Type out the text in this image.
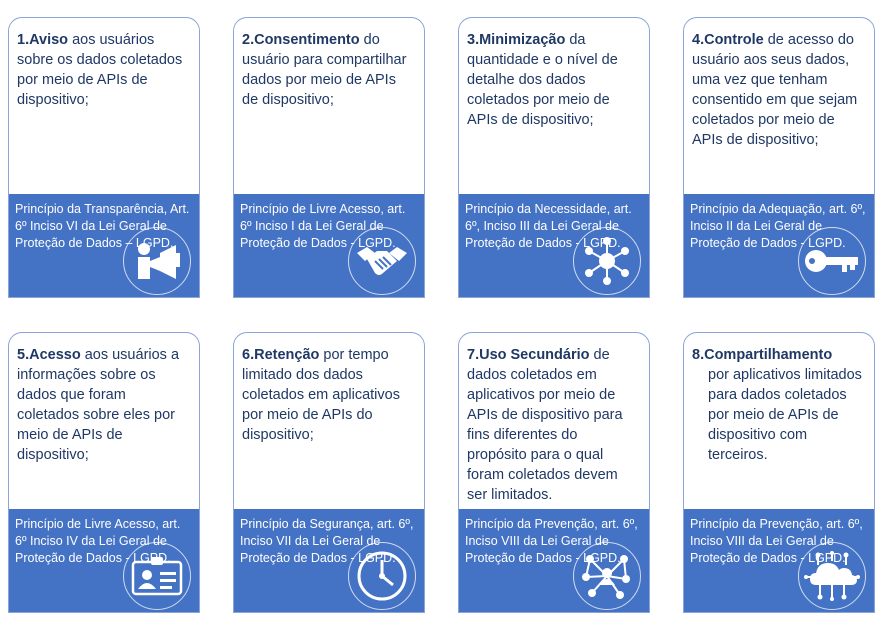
1.Aviso aos usuários sobre os dados coletados por meio de APIs de dispositivo;

Princípio da Transparência, Art. 6º Inciso VI da Lei Geral de Proteção de Dados – LGPD.

2.Consentimento do usuário para compartilhar dados por meio de APIs de dispositivo;

Princípio de Livre Acesso, art. 6º Inciso I da Lei Geral de Proteção de Dados - LGPD.

3.Minimização da quantidade e o nível de detalhe dos dados coletados por meio de APIs de dispositivo;

Princípio da Necessidade, art. 6º, Inciso III da Lei Geral de Proteção de Dados - LGPD.

4.Controle de acesso do usuário aos seus dados, uma vez que tenham consentido em que sejam coletados por meio de APIs de dispositivo;

Princípio da Adequação, art. 6º, Inciso II da Lei Geral de Proteção de Dados - LGPD.

5.Acesso aos usuários a informações sobre os dados que foram coletados sobre eles por meio de APIs de dispositivo;

Princípio de Livre Acesso, art. 6º Inciso IV da Lei Geral de Proteção de Dados - LGPD.

6.Retenção por tempo limitado dos dados coletados em aplicativos por meio de APIs do dispositivo;

Princípio da Segurança, art. 6º, Inciso VII da Lei Geral de Proteção de Dados - LGPD.

7.Uso Secundário de dados coletados em aplicativos por meio de APIs de dispositivo para fins diferentes do propósito para o qual foram coletados devem ser limitados.

Princípio da Prevenção, art. 6º, Inciso VIII da Lei Geral de Proteção de Dados - LGPD.

8.Compartilhamento
por aplicativos limitados para dados coletados por meio de APIs de dispositivo com terceiros.

Princípio da Prevenção, art. 6º, Inciso VIII da Lei Geral de Proteção de Dados - LGPD.
